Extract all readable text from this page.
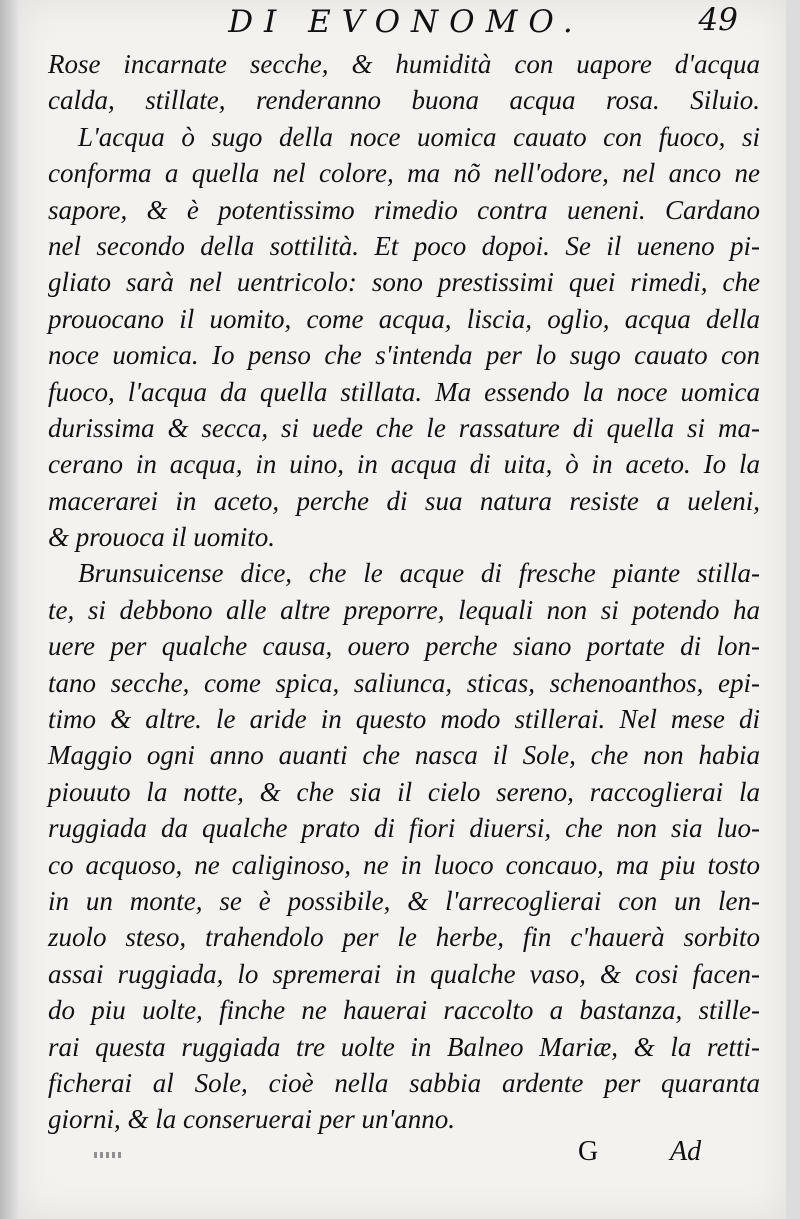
DI EVONOMO.	49
Rose incarnate secche, & humidità con uapore d'acqua
calda, stillate, renderanno buona acqua rosa. Siluio.
L'acqua ò sugo della noce uomica cauato con fuoco, si
conforma a quella nel colore, ma nõ nell'odore, nel anco ne
sapore, & è potentissimo rimedio contra ueneni. Cardano
nel secondo della sottilità. Et poco dopoi. Se il ueneno pi-
gliato sarà nel uentricolo: sono prestissimi quei rimedi, che
prouocano il uomito, come acqua, liscia, oglio, acqua della
noce uomica. Io penso che s'intenda per lo sugo cauato con
fuoco, l'acqua da quella stillata. Ma essendo la noce uomica
durissima & secca, si uede che le rassature di quella si ma-
cerano in acqua, in uino, in acqua di uita, ò in aceto. Io la
macerarei in aceto, perche di sua natura resiste a ueleni,
& prouoca il uomito.
Brunsuicense dice, che le acque di fresche piante stilla-
te, si debbono alle altre preporre, lequali non si potendo ha
uere per qualche causa, ouero perche siano portate di lon-
tano secche, come spica, saliunca, sticas, schenoanthos, epi-
timo & altre. le aride in questo modo stillerai. Nel mese di
Maggio ogni anno auanti che nasca il Sole, che non habia
piouuto la notte, & che sia il cielo sereno, raccoglierai la
ruggiada da qualche prato di fiori diuersi, che non sia luo-
co acquoso, ne caliginoso, ne in luoco concauo, ma piu tosto
in un monte, se è possibile, & l'arrecoglierai con un len-
zuolo steso, trahendolo per le herbe, fin c'hauerà sorbito
assai ruggiada, lo spremerai in qualche vaso, & cosi facen-
do piu uolte, finche ne hauerai raccolto a bastanza, stille-
rai questa ruggiada tre uolte in Balneo Mariæ, & la retti-
ficherai al Sole, cioè nella sabbia ardente per quaranta
giorni, & la conseruerai per un'anno.
G	Ad
